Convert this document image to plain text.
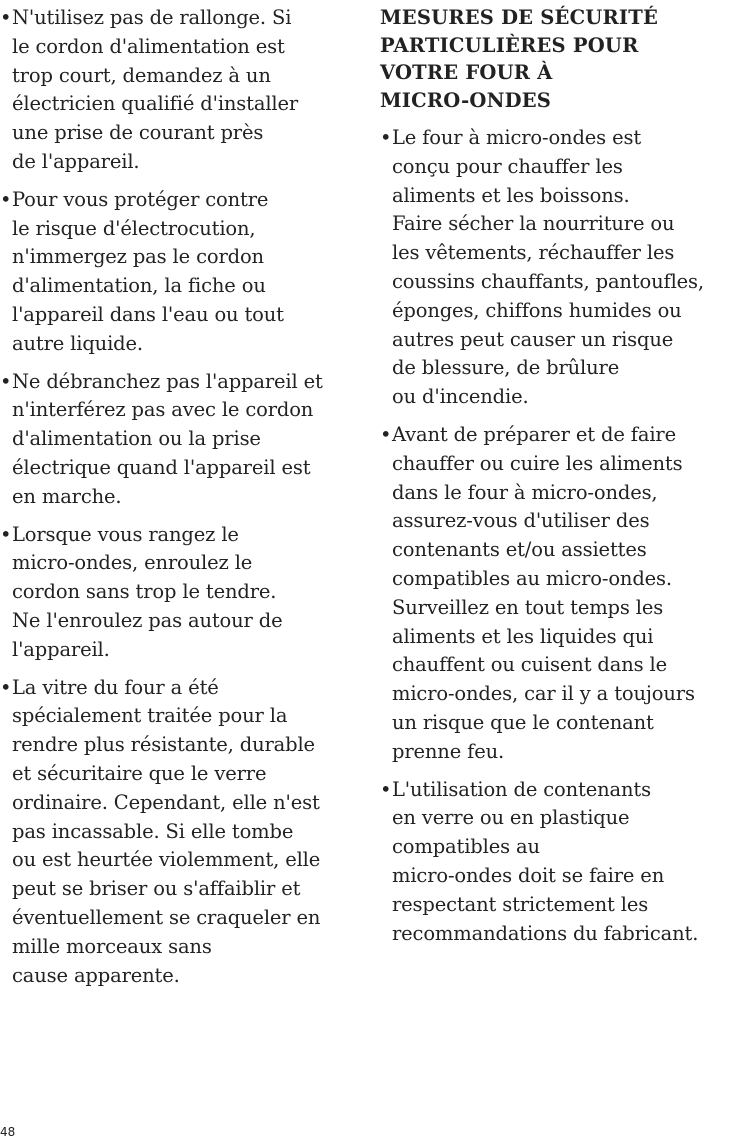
• N'utilisez pas de rallonge. Si
le cordon d'alimentation est
trop court, demandez à un
électricien qualifié d'installer
une prise de courant près
de l'appareil.
• Pour vous protéger contre
le risque d'électrocution,
n'immergez pas le cordon
d'alimentation, la fiche ou
l'appareil dans l'eau ou tout
autre liquide.
• Ne débranchez pas l'appareil et
n'interférez pas avec le cordon
d'alimentation ou la prise
électrique quand l'appareil est
en marche.
• Lorsque vous rangez le
micro-ondes, enroulez le
cordon sans trop le tendre.
Ne l'enroulez pas autour de
l'appareil.
• La vitre du four a été
spécialement traitée pour la
rendre plus résistante, durable
et sécuritaire que le verre
ordinaire. Cependant, elle n'est
pas incassable. Si elle tombe
ou est heurtée violemment, elle
peut se briser ou s'affaiblir et
éventuellement se craqueler en
mille morceaux sans
cause apparente.
MESURES DE SÉCURITÉ
PARTICULIÈRES POUR
VOTRE FOUR À
MICRO-ONDES
• Le four à micro-ondes est
conçu pour chauffer les
aliments et les boissons.
Faire sécher la nourriture ou
les vêtements, réchauffer les
coussins chauffants, pantoufles,
éponges, chiffons humides ou
autres peut causer un risque
de blessure, de brûlure
ou d'incendie.
• Avant de préparer et de faire
chauffer ou cuire les aliments
dans le four à micro-ondes,
assurez-vous d'utiliser des
contenants et/ou assiettes
compatibles au micro-ondes.
Surveillez en tout temps les
aliments et les liquides qui
chauffent ou cuisent dans le
micro-ondes, car il y a toujours
un risque que le contenant
prenne feu.
• L'utilisation de contenants
en verre ou en plastique
compatibles au
micro-ondes doit se faire en
respectant strictement les
recommandations du fabricant.
48
